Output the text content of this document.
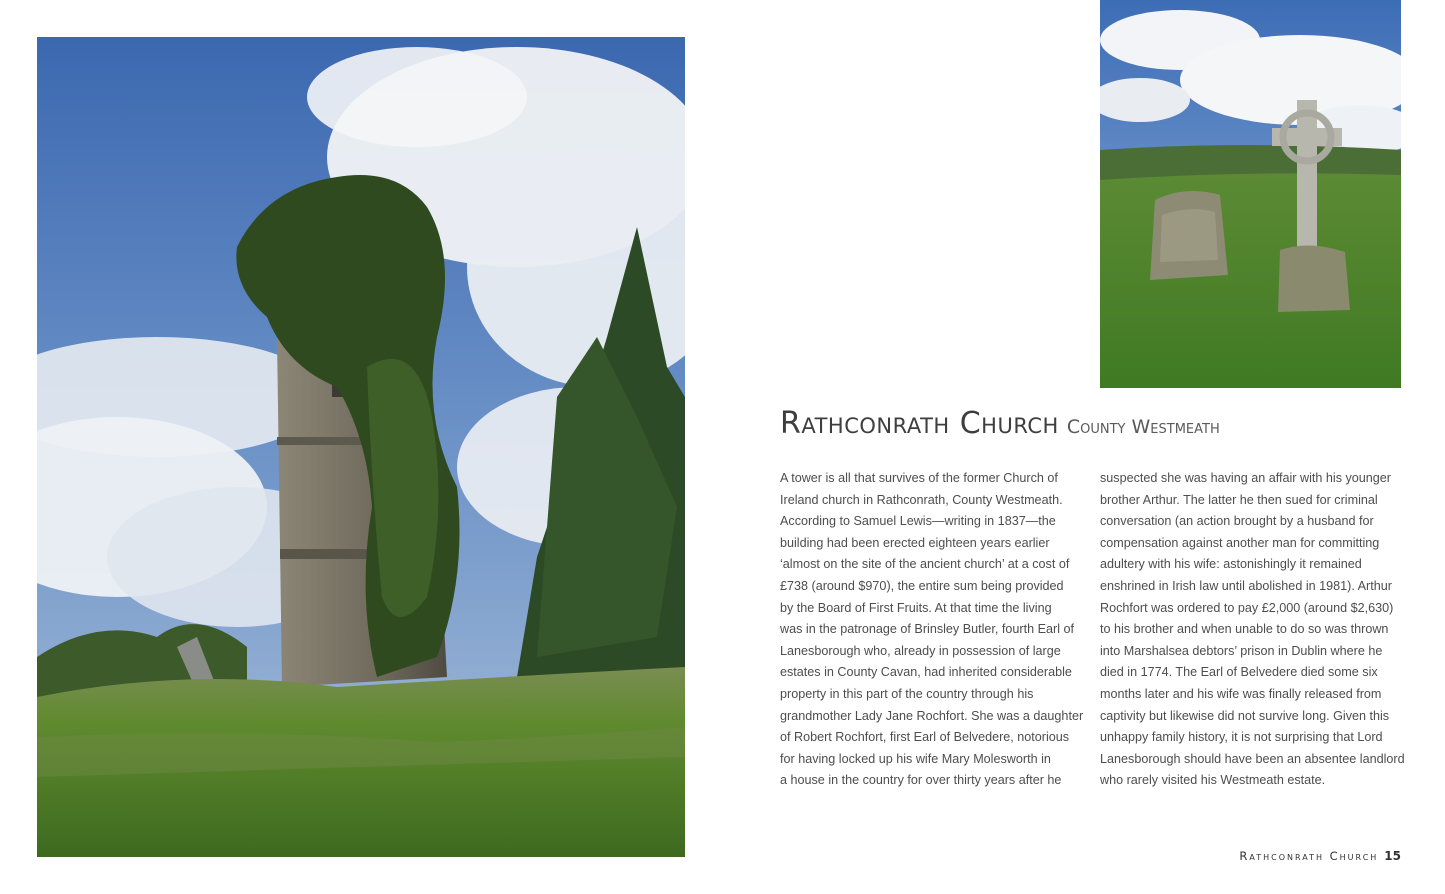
Rathconrath Church County Westmeath
A tower is all that survives of the former Church of
Ireland church in Rathconrath, County Westmeath.
According to Samuel Lewis—writing in 1837—the
building had been erected eighteen years earlier
‘almost on the site of the ancient church’ at a cost of
£738 (around $970), the entire sum being provided
by the Board of First Fruits. At that time the living
was in the patronage of Brinsley Butler, fourth Earl of
Lanesborough who, already in possession of large
estates in County Cavan, had inherited considerable
property in this part of the country through his
grandmother Lady Jane Rochfort. She was a daughter
of Robert Rochfort, first Earl of Belvedere, notorious
for having locked up his wife Mary Molesworth in
a house in the country for over thirty years after he
suspected she was having an affair with his younger
brother Arthur. The latter he then sued for criminal
conversation (an action brought by a husband for
compensation against another man for committing
adultery with his wife: astonishingly it remained
enshrined in Irish law until abolished in 1981). Arthur
Rochfort was ordered to pay £2,000 (around $2,630)
to his brother and when unable to do so was thrown
into Marshalsea debtors’ prison in Dublin where he
died in 1774. The Earl of Belvedere died some six
months later and his wife was finally released from
captivity but likewise did not survive long. Given this
unhappy family history, it is not surprising that Lord
Lanesborough should have been an absentee landlord
who rarely visited his Westmeath estate.
Rathconrath Church 15
